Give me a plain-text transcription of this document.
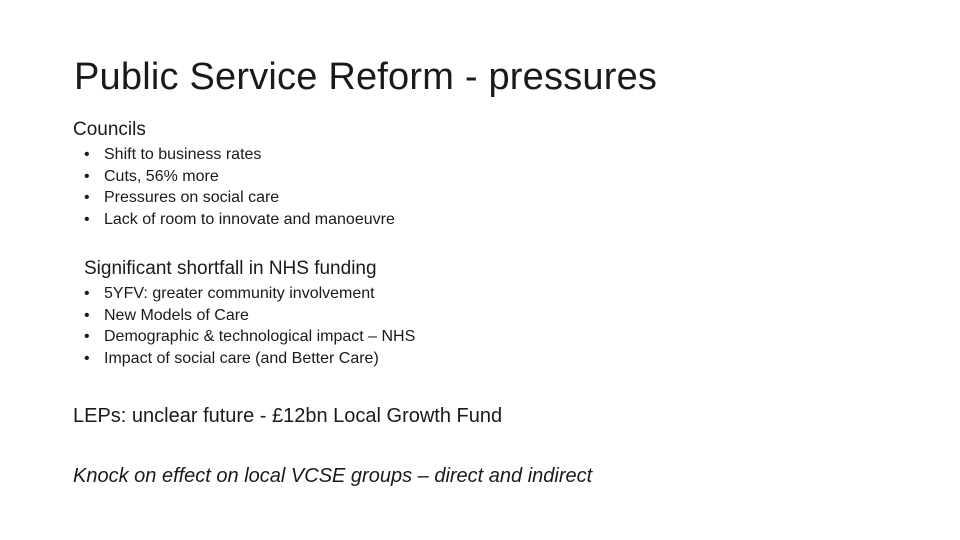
Public Service Reform - pressures
Councils
• Shift to business rates
• Cuts, 56% more
• Pressures on social care
• Lack of room to innovate and manoeuvre
Significant shortfall in NHS funding
• 5YFV: greater community involvement
• New Models of Care
• Demographic & technological impact – NHS
• Impact of social care (and Better Care)
LEPs: unclear future - £12bn Local Growth Fund
Knock on effect on local VCSE groups – direct and indirect
